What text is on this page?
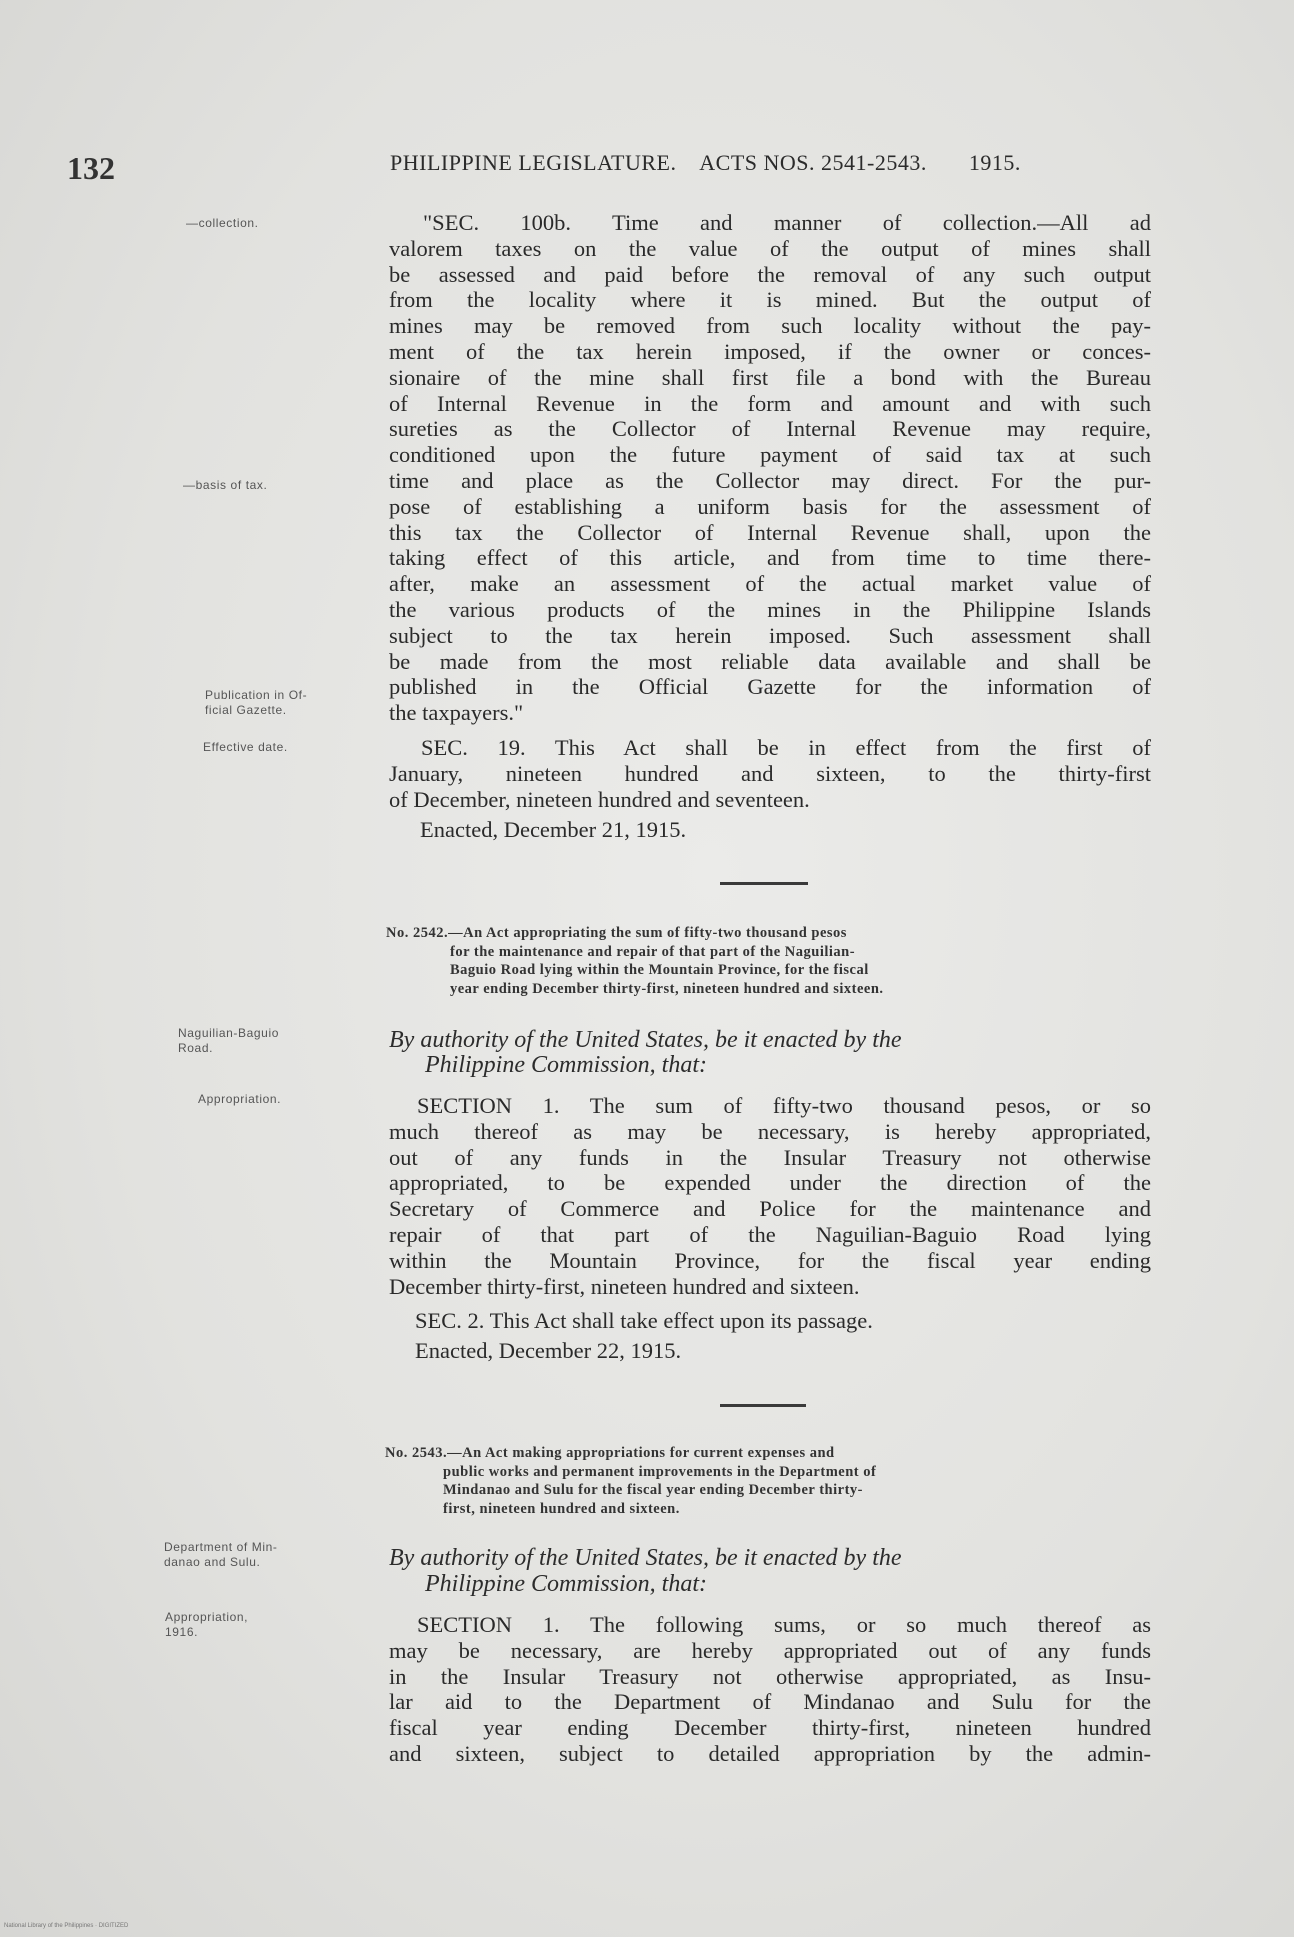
132	PHILIPPINE LEGISLATURE. ACTS NOS. 2541-2543. 1915.
—collection.
—basis of tax.
Publication in Of-
ficial Gazette.
Effective date.
Naguilian-Baguio
Road.
Appropriation.
Department of Min-
danao and Sulu.
Appropriation,
1916.
"SEC. 100b. Time and manner of collection.—All ad
valorem taxes on the value of the output of mines shall
be assessed and paid before the removal of any such output
from the locality where it is mined. But the output of
mines may be removed from such locality without the pay-
ment of the tax herein imposed, if the owner or conces-
sionaire of the mine shall first file a bond with the Bureau
of Internal Revenue in the form and amount and with such
sureties as the Collector of Internal Revenue may require,
conditioned upon the future payment of said tax at such
time and place as the Collector may direct. For the pur-
pose of establishing a uniform basis for the assessment of
this tax the Collector of Internal Revenue shall, upon the
taking effect of this article, and from time to time there-
after, make an assessment of the actual market value of
the various products of the mines in the Philippine Islands
subject to the tax herein imposed. Such assessment shall
be made from the most reliable data available and shall be
published in the Official Gazette for the information of
the taxpayers."
SEC. 19. This Act shall be in effect from the first of
January, nineteen hundred and sixteen, to the thirty-first
of December, nineteen hundred and seventeen.
Enacted, December 21, 1915.
No. 2542.—An Act appropriating the sum of fifty-two thousand pesos
for the maintenance and repair of that part of the Naguilian-
Baguio Road lying within the Mountain Province, for the fiscal
year ending December thirty-first, nineteen hundred and sixteen.
By authority of the United States, be it enacted by the
Philippine Commission, that:
SECTION 1. The sum of fifty-two thousand pesos, or so
much thereof as may be necessary, is hereby appropriated,
out of any funds in the Insular Treasury not otherwise
appropriated, to be expended under the direction of the
Secretary of Commerce and Police for the maintenance and
repair of that part of the Naguilian-Baguio Road lying
within the Mountain Province, for the fiscal year ending
December thirty-first, nineteen hundred and sixteen.
SEC. 2. This Act shall take effect upon its passage.
Enacted, December 22, 1915.
No. 2543.—An Act making appropriations for current expenses and
public works and permanent improvements in the Department of
Mindanao and Sulu for the fiscal year ending December thirty-
first, nineteen hundred and sixteen.
By authority of the United States, be it enacted by the
Philippine Commission, that:
SECTION 1. The following sums, or so much thereof as
may be necessary, are hereby appropriated out of any funds
in the Insular Treasury not otherwise appropriated, as Insu-
lar aid to the Department of Mindanao and Sulu for the
fiscal year ending December thirty-first, nineteen hundred
and sixteen, subject to detailed appropriation by the admin-
National Library of the Philippines · DIGITIZED
